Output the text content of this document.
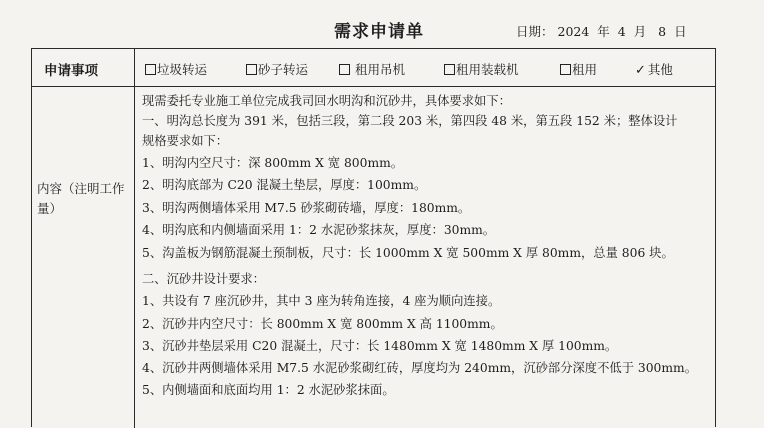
需求申请单	日期： 2024 年 4 月 8 日
申请事项	垃圾转运	砂子转运	租用吊机	租用装载机	租用	✓ 其他
内容（注明工作量）
现需委托专业施工单位完成我司回水明沟和沉砂井，具体要求如下：
一、明沟总长度为 391 米，包括三段，第二段 203 米，第四段 48 米，第五段 152 米；整体设计
规格要求如下：
1、明沟内空尺寸：深 800mm X 宽 800mm。
2、明沟底部为 C20 混凝土垫层，厚度：100mm。
3、明沟两侧墙体采用 M7.5 砂浆砌砖墙，厚度：180mm。
4、明沟底和内侧墙面采用 1：2 水泥砂浆抹灰，厚度：30mm。
5、沟盖板为钢筋混凝土预制板，尺寸：长 1000mm X 宽 500mm X 厚 80mm，总量 806 块。
二、沉砂井设计要求：
1、共设有 7 座沉砂井，其中 3 座为转角连接，4 座为顺向连接。
2、沉砂井内空尺寸：长 800mm X 宽 800mm X 高 1100mm。
3、沉砂井垫层采用 C20 混凝土，尺寸：长 1480mm X 宽 1480mm X 厚 100mm。
4、沉砂井两侧墙体采用 M7.5 水泥砂浆砌红砖，厚度均为 240mm，沉砂部分深度不低于 300mm。
5、内侧墙面和底面均用 1：2 水泥砂浆抹面。
